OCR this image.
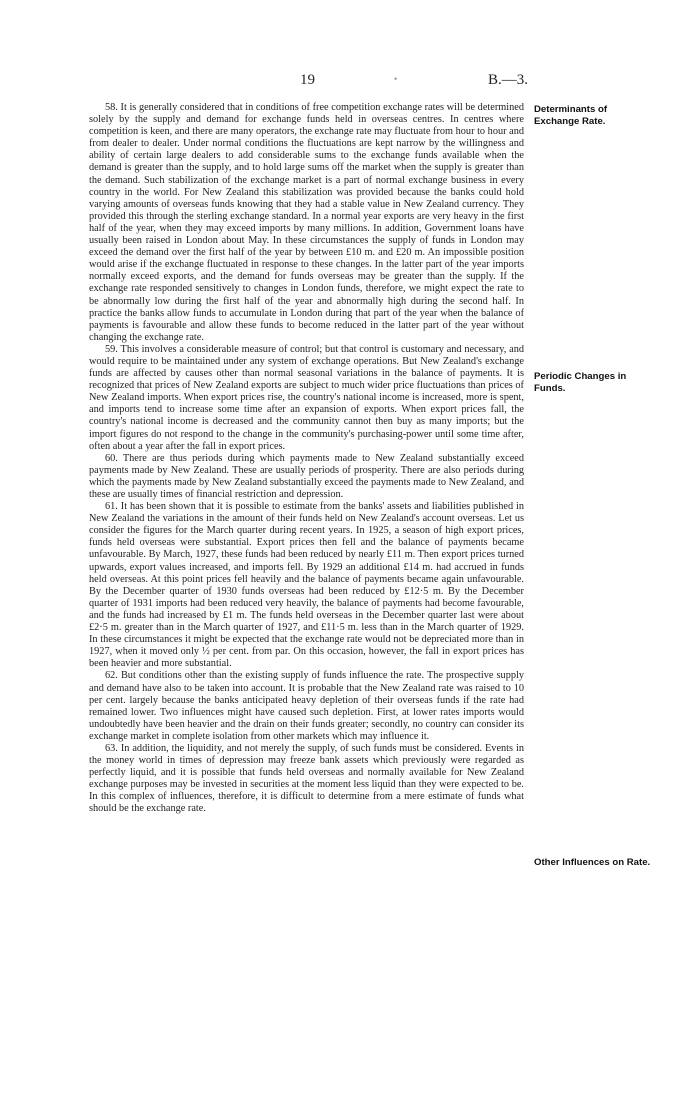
19	•	B.—3.

58. It is generally considered that in conditions of free competition exchange rates will be determined solely by the supply and demand for exchange funds held in overseas centres. In centres where competition is keen, and there are many operators, the exchange rate may fluctuate from hour to hour and from dealer to dealer. Under normal conditions the fluctuations are kept narrow by the willingness and ability of certain large dealers to add considerable sums to the exchange funds available when the demand is greater than the supply, and to hold large sums off the market when the supply is greater than the demand. Such stabilization of the exchange market is a part of normal exchange business in every country in the world. For New Zealand this stabilization was provided because the banks could hold varying amounts of overseas funds knowing that they had a stable value in New Zealand currency. They provided this through the sterling exchange standard. In a normal year exports are very heavy in the first half of the year, when they may exceed imports by many millions. In addition, Government loans have usually been raised in London about May. In these circumstances the supply of funds in London may exceed the demand over the first half of the year by between £10 m. and £20 m. An impossible position would arise if the exchange fluctuated in response to these changes. In the latter part of the year imports normally exceed exports, and the demand for funds overseas may be greater than the supply. If the exchange rate responded sensitively to changes in London funds, therefore, we might expect the rate to be abnormally low during the first half of the year and abnormally high during the second half. In practice the banks allow funds to accumulate in London during that part of the year when the balance of payments is favourable and allow these funds to become reduced in the latter part of the year without changing the exchange rate.

59. This involves a considerable measure of control; but that control is customary and necessary, and would require to be maintained under any system of exchange operations. But New Zealand's exchange funds are affected by causes other than normal seasonal variations in the balance of payments. It is recognized that prices of New Zealand exports are subject to much wider price fluctuations than prices of New Zealand imports. When export prices rise, the country's national income is increased, more is spent, and imports tend to increase some time after an expansion of exports. When export prices fall, the country's national income is decreased and the community cannot then buy as many imports; but the import figures do not respond to the change in the community's purchasing-power until some time after, often about a year after the fall in export prices.

60. There are thus periods during which payments made to New Zealand substantially exceed payments made by New Zealand. These are usually periods of prosperity. There are also periods during which the payments made by New Zealand substantially exceed the payments made to New Zealand, and these are usually times of financial restriction and depression.

61. It has been shown that it is possible to estimate from the banks' assets and liabilities published in New Zealand the variations in the amount of their funds held on New Zealand's account overseas. Let us consider the figures for the March quarter during recent years. In 1925, a season of high export prices, funds held overseas were substantial. Export prices then fell and the balance of payments became unfavourable. By March, 1927, these funds had been reduced by nearly £11 m. Then export prices turned upwards, export values increased, and imports fell. By 1929 an additional £14 m. had accrued in funds held overseas. At this point prices fell heavily and the balance of payments became again unfavourable. By the December quarter of 1930 funds overseas had been reduced by £12·5 m. By the December quarter of 1931 imports had been reduced very heavily, the balance of payments had become favourable, and the funds had increased by £1 m. The funds held overseas in the December quarter last were about £2·5 m. greater than in the March quarter of 1927, and £11·5 m. less than in the March quarter of 1929. In these circumstances it might be expected that the exchange rate would not be depreciated more than in 1927, when it moved only ½ per cent. from par. On this occasion, however, the fall in export prices has been heavier and more substantial.

62. But conditions other than the existing supply of funds influence the rate. The prospective supply and demand have also to be taken into account. It is probable that the New Zealand rate was raised to 10 per cent. largely because the banks anticipated heavy depletion of their overseas funds if the rate had remained lower. Two influences might have caused such depletion. First, at lower rates imports would undoubtedly have been heavier and the drain on their funds greater; secondly, no country can consider its exchange market in complete isolation from other markets which may influence it.

63. In addition, the liquidity, and not merely the supply, of such funds must be considered. Events in the money world in times of depression may freeze bank assets which previously were regarded as perfectly liquid, and it is possible that funds held overseas and normally available for New Zealand exchange purposes may be invested in securities at the moment less liquid than they were expected to be. In this complex of influences, therefore, it is difficult to determine from a mere estimate of funds what should be the exchange rate.

Determinants of Exchange Rate.
Periodic Changes in Funds.
Other Influences on Rate.
